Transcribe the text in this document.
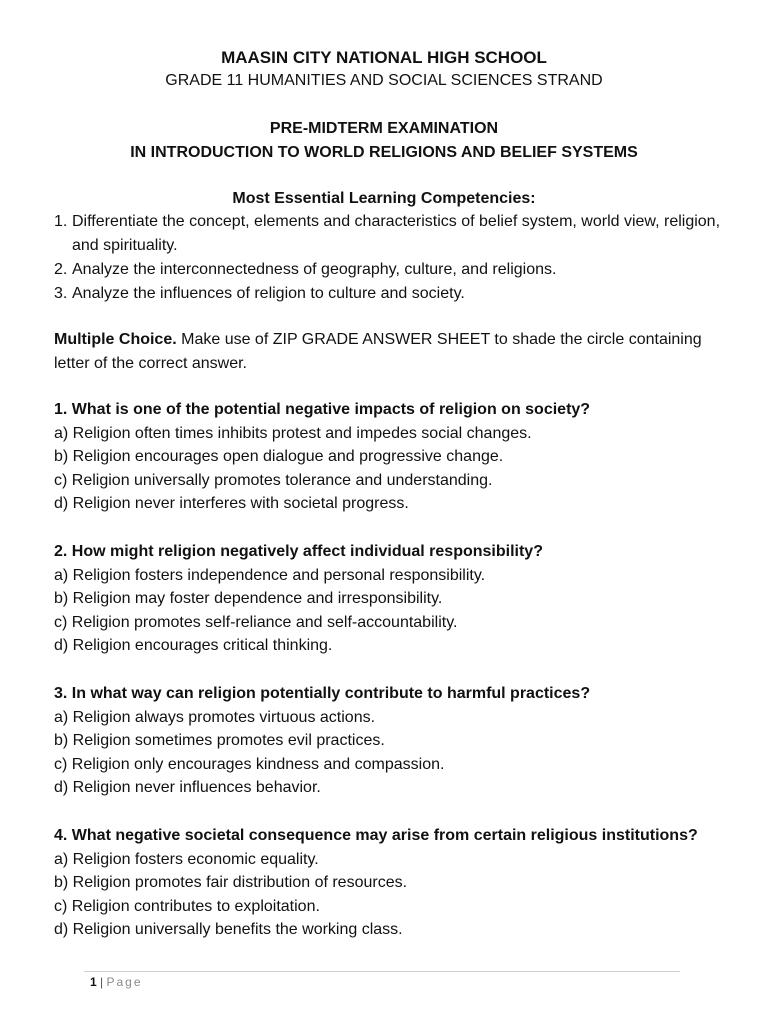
MAASIN CITY NATIONAL HIGH SCHOOL
GRADE 11 HUMANITIES AND SOCIAL SCIENCES STRAND
PRE-MIDTERM EXAMINATION
IN INTRODUCTION TO WORLD RELIGIONS AND BELIEF SYSTEMS
Most Essential Learning Competencies:
1. Differentiate the concept, elements and characteristics of belief system, world view, religion, and spirituality.
2. Analyze the interconnectedness of geography, culture, and religions.
3. Analyze the influences of religion to culture and society.
Multiple Choice. Make use of ZIP GRADE ANSWER SHEET to shade the circle containing letter of the correct answer.
1. What is one of the potential negative impacts of religion on society?
a) Religion often times inhibits protest and impedes social changes.
b) Religion encourages open dialogue and progressive change.
c) Religion universally promotes tolerance and understanding.
d) Religion never interferes with societal progress.
2. How might religion negatively affect individual responsibility?
a) Religion fosters independence and personal responsibility.
b) Religion may foster dependence and irresponsibility.
c) Religion promotes self-reliance and self-accountability.
d) Religion encourages critical thinking.
3. In what way can religion potentially contribute to harmful practices?
a) Religion always promotes virtuous actions.
b) Religion sometimes promotes evil practices.
c) Religion only encourages kindness and compassion.
d) Religion never influences behavior.
4. What negative societal consequence may arise from certain religious institutions?
a) Religion fosters economic equality.
b) Religion promotes fair distribution of resources.
c) Religion contributes to exploitation.
d) Religion universally benefits the working class.
1 | Page
